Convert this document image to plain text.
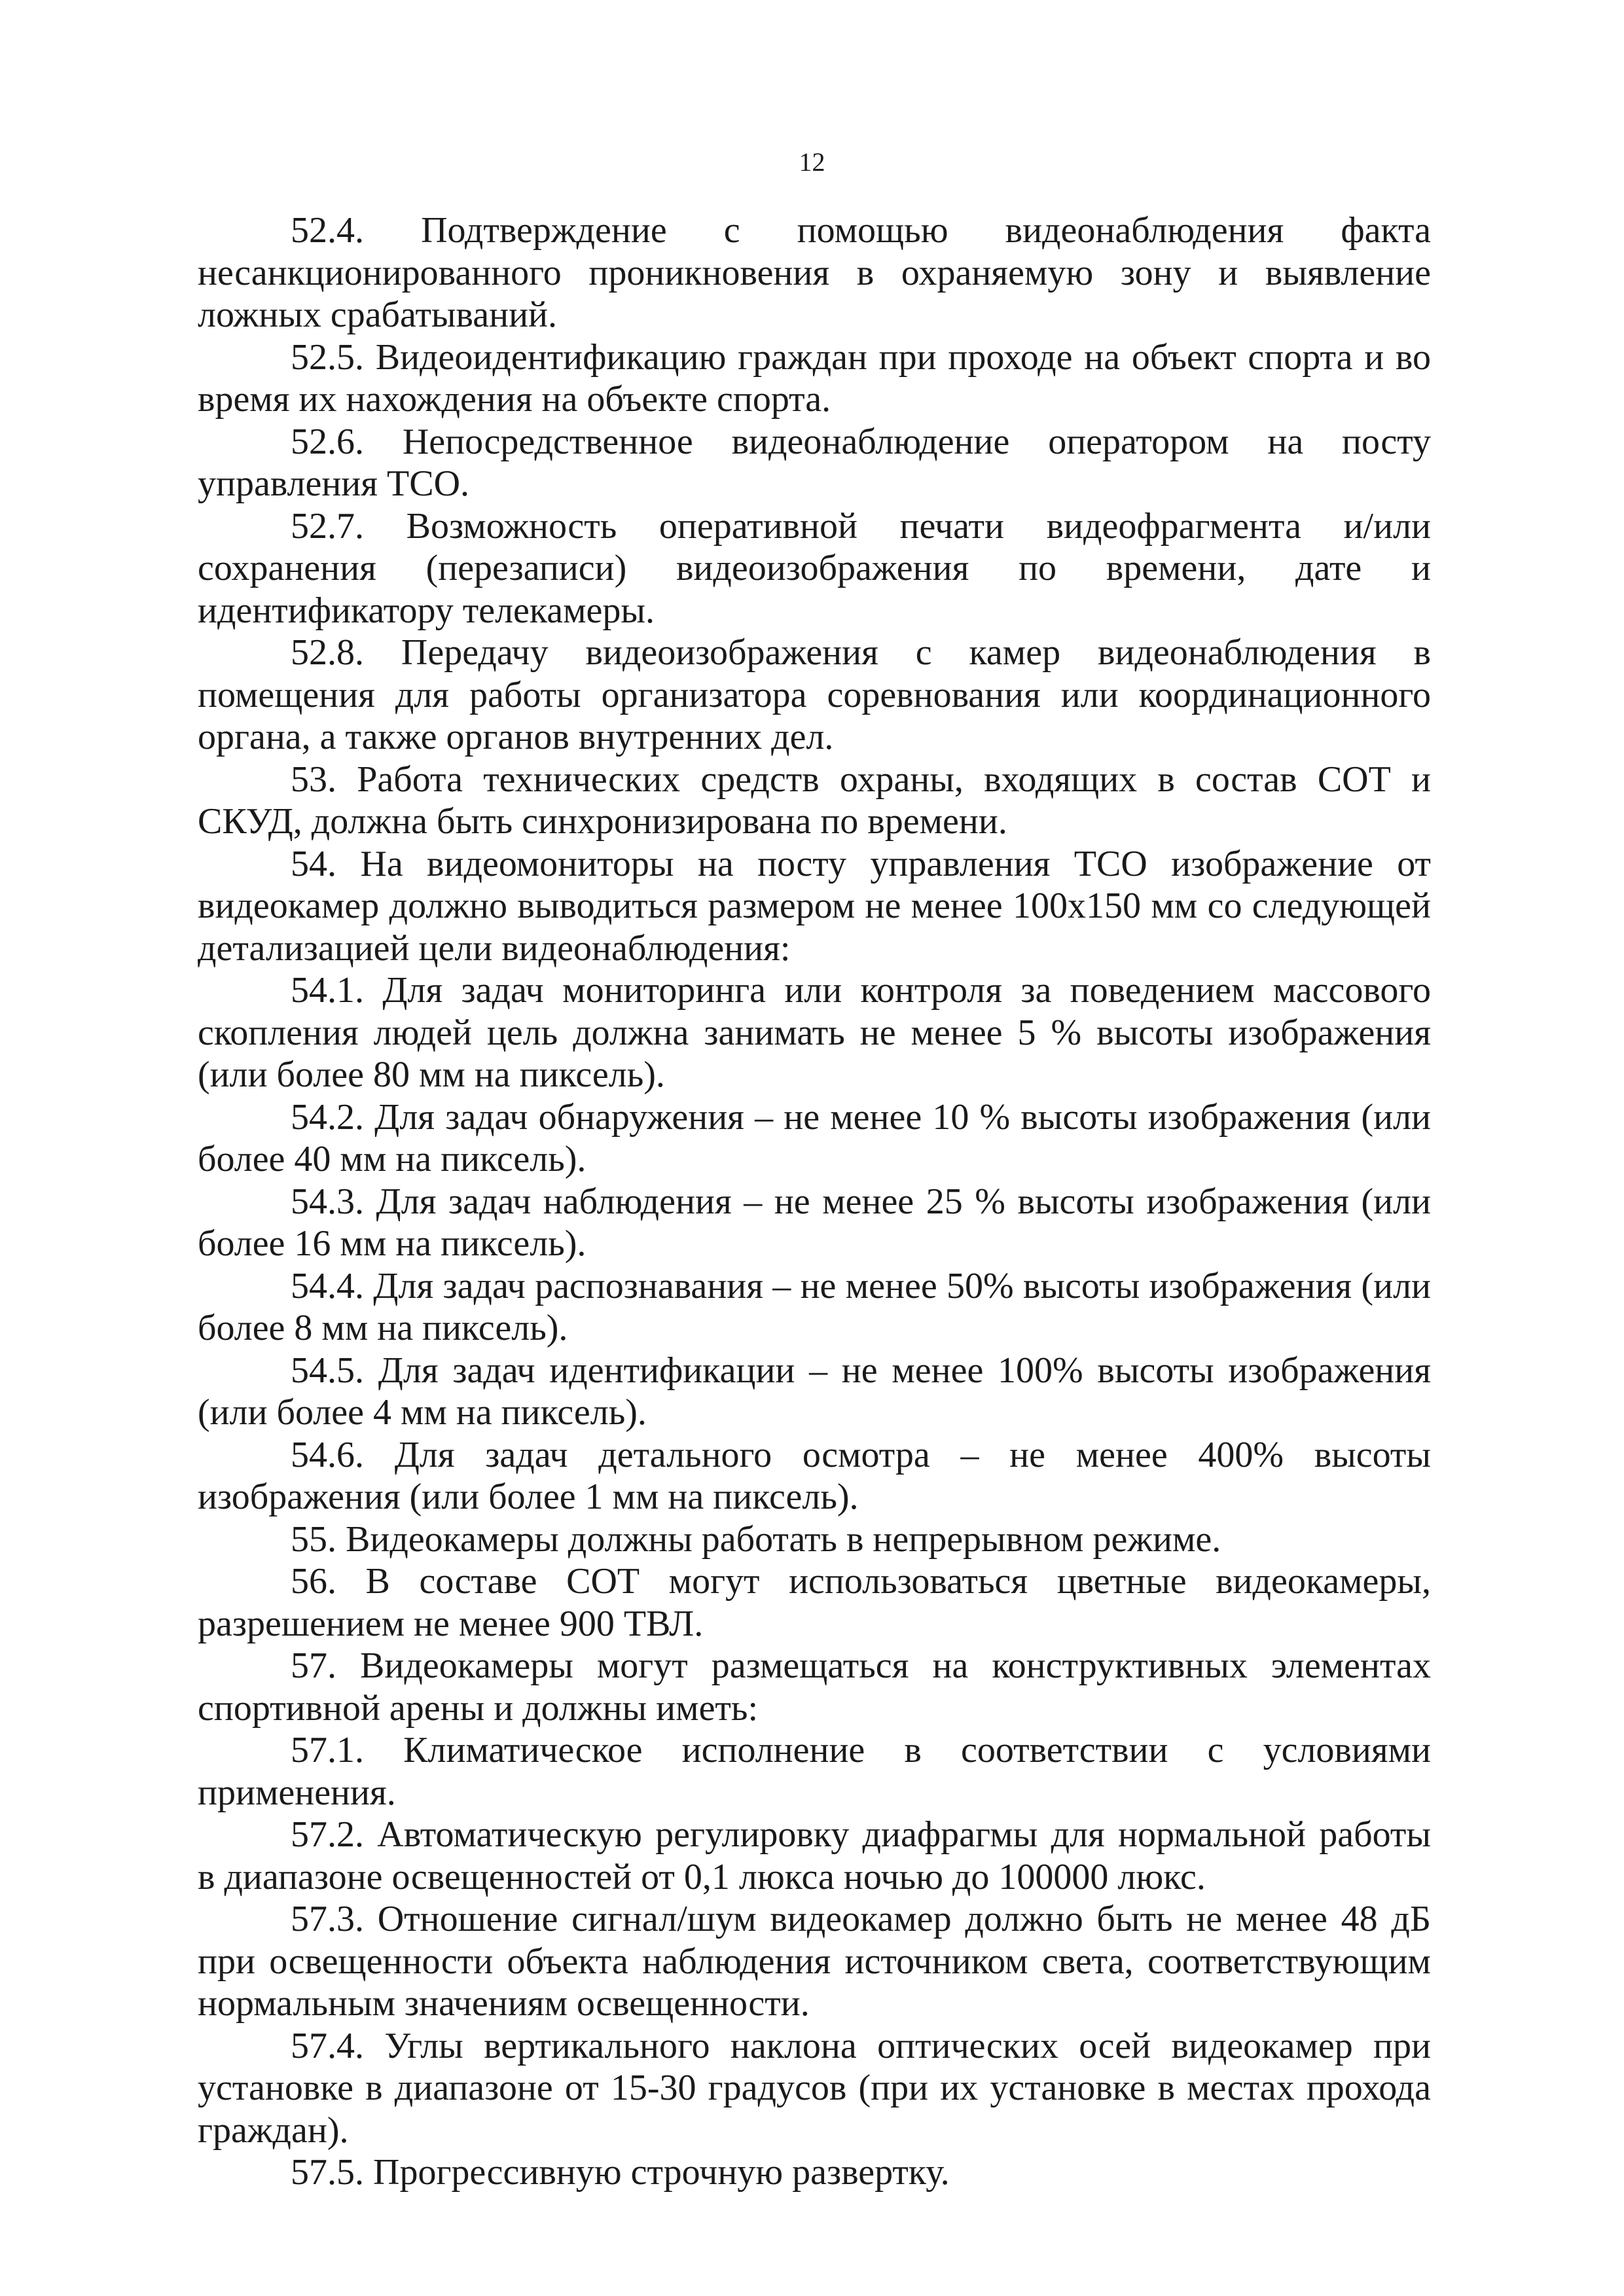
12

52.4. Подтверждение с помощью видеонаблюдения факта несанкционированного проникновения в охраняемую зону и выявление ложных срабатываний.

52.5. Видеоидентификацию граждан при проходе на объект спорта и во время их нахождения на объекте спорта.

52.6. Непосредственное видеонаблюдение оператором на посту управления ТСО.

52.7. Возможность оперативной печати видеофрагмента и/или сохранения (перезаписи) видеоизображения по времени, дате и идентификатору телекамеры.

52.8. Передачу видеоизображения с камер видеонаблюдения в помещения для работы организатора соревнования или координационного органа, а также органов внутренних дел.

53. Работа технических средств охраны, входящих в состав СОТ и СКУД, должна быть синхронизирована по времени.

54. На видеомониторы на посту управления ТСО изображение от видеокамер должно выводиться размером не менее 100x150 мм со следующей детализацией цели видеонаблюдения:

54.1. Для задач мониторинга или контроля за поведением массового скопления людей цель должна занимать не менее 5 % высоты изображения (или более 80 мм на пиксель).

54.2. Для задач обнаружения – не менее 10 % высоты изображения (или более 40 мм на пиксель).

54.3. Для задач наблюдения – не менее 25 % высоты изображения (или более 16 мм на пиксель).

54.4. Для задач распознавания – не менее 50% высоты изображения (или более 8 мм на пиксель).

54.5. Для задач идентификации – не менее 100% высоты изображения (или более 4 мм на пиксель).

54.6. Для задач детального осмотра – не менее 400% высоты изображения (или более 1 мм на пиксель).

55. Видеокамеры должны работать в непрерывном режиме.

56. В составе СОТ могут использоваться цветные видеокамеры, разрешением не менее 900 ТВЛ.

57. Видеокамеры могут размещаться на конструктивных элементах спортивной арены и должны иметь:

57.1. Климатическое исполнение в соответствии с условиями применения.

57.2. Автоматическую регулировку диафрагмы для нормальной работы в диапазоне освещенностей от 0,1 люкса ночью до 100000 люкс.

57.3. Отношение сигнал/шум видеокамер должно быть не менее 48 дБ при освещенности объекта наблюдения источником света, соответствующим нормальным значениям освещенности.

57.4. Углы вертикального наклона оптических осей видеокамер при установке в диапазоне от 15-30 градусов (при их установке в местах прохода граждан).

57.5. Прогрессивную строчную развертку.
